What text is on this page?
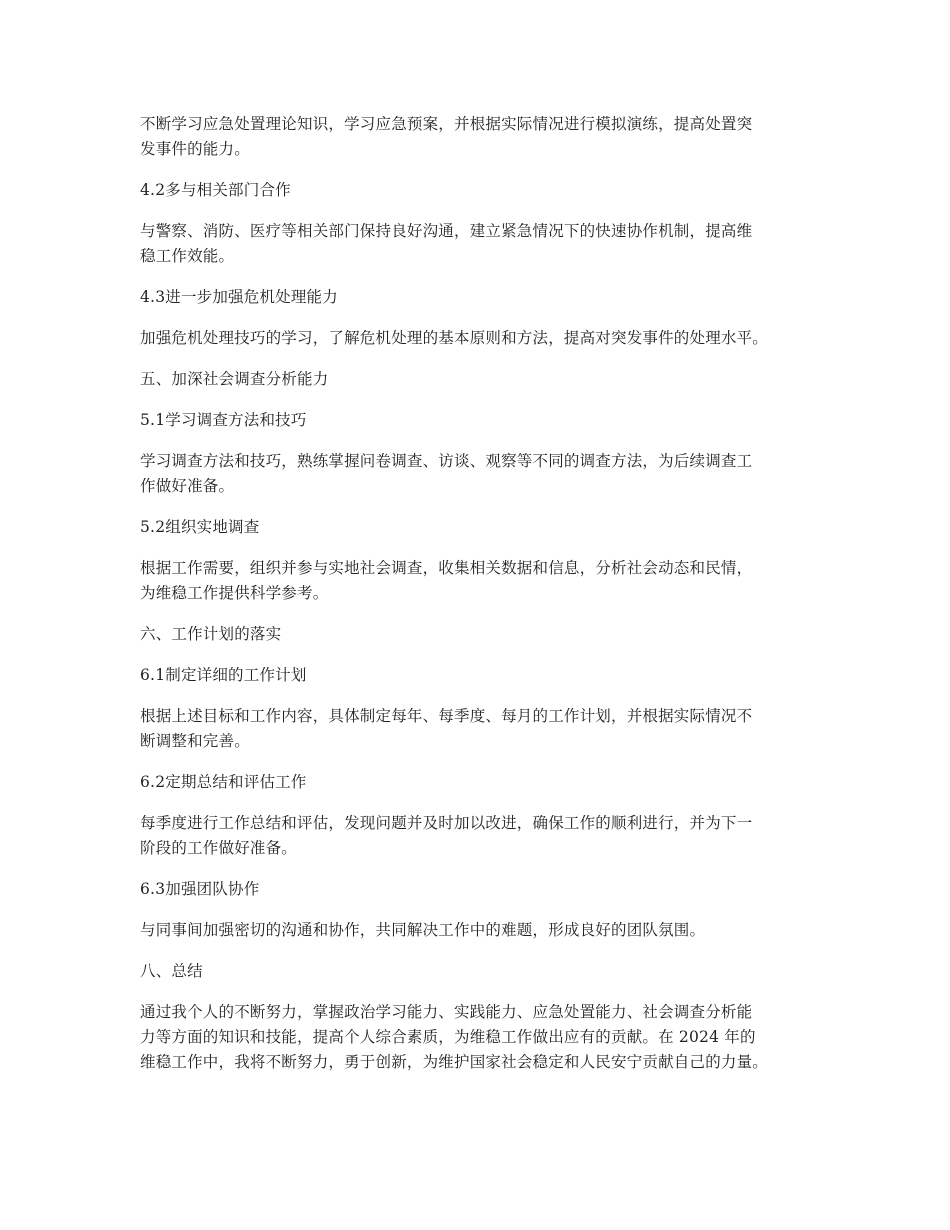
不断学习应急处置理论知识，学习应急预案，并根据实际情况进行模拟演练，提高处置突
发事件的能力。
4.2多与相关部门合作
与警察、消防、医疗等相关部门保持良好沟通，建立紧急情况下的快速协作机制，提高维
稳工作效能。
4.3进一步加强危机处理能力
加强危机处理技巧的学习，了解危机处理的基本原则和方法，提高对突发事件的处理水平。
五、加深社会调查分析能力
5.1学习调查方法和技巧
学习调查方法和技巧，熟练掌握问卷调查、访谈、观察等不同的调查方法，为后续调查工
作做好准备。
5.2组织实地调查
根据工作需要，组织并参与实地社会调查，收集相关数据和信息，分析社会动态和民情，
为维稳工作提供科学参考。
六、工作计划的落实
6.1制定详细的工作计划
根据上述目标和工作内容，具体制定每年、每季度、每月的工作计划，并根据实际情况不
断调整和完善。
6.2定期总结和评估工作
每季度进行工作总结和评估，发现问题并及时加以改进，确保工作的顺利进行，并为下一
阶段的工作做好准备。
6.3加强团队协作
与同事间加强密切的沟通和协作，共同解决工作中的难题，形成良好的团队氛围。
八、总结
通过我个人的不断努力，掌握政治学习能力、实践能力、应急处置能力、社会调查分析能
力等方面的知识和技能，提高个人综合素质，为维稳工作做出应有的贡献。在 2024 年的
维稳工作中，我将不断努力，勇于创新，为维护国家社会稳定和人民安宁贡献自己的力量。
